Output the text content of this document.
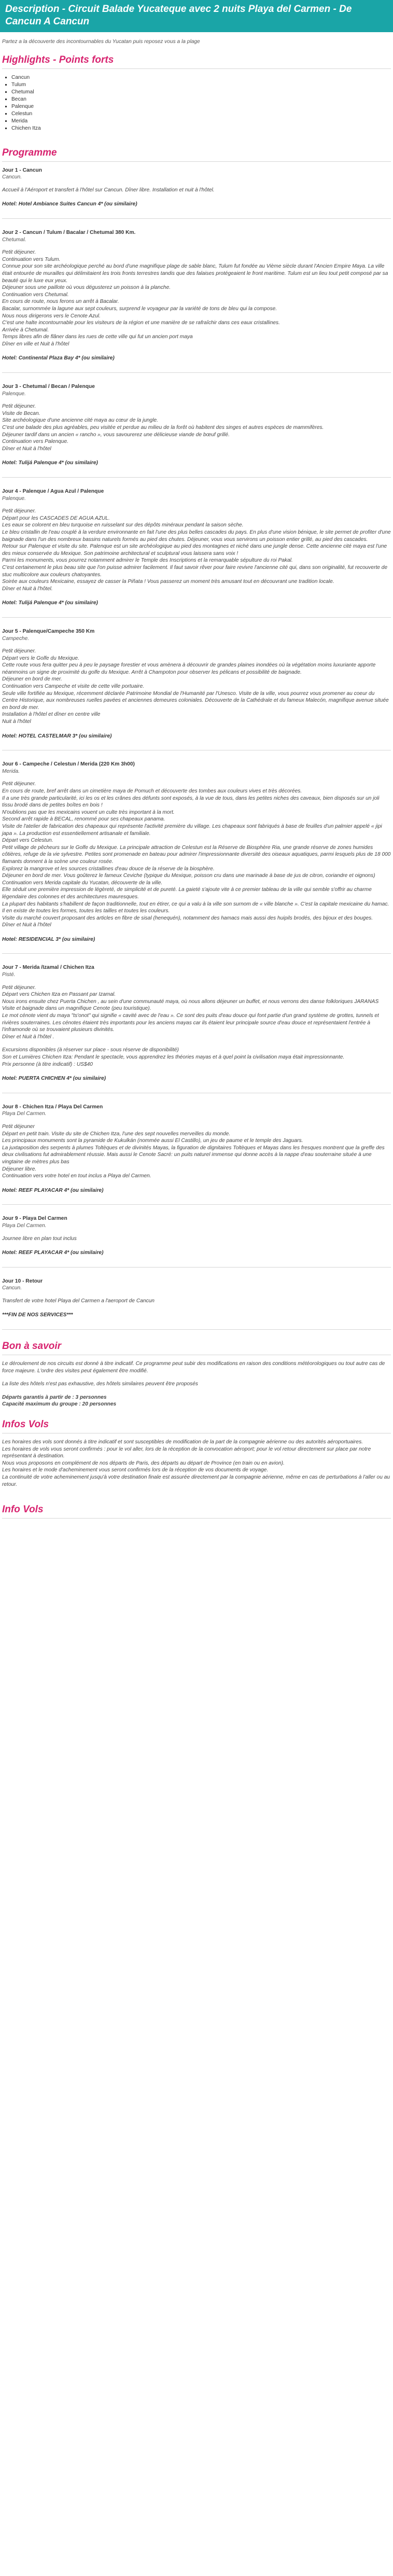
Description - Circuit Balade Yucateque avec 2 nuits Playa del Carmen - De Cancun A Cancun

Partez a la découverte des incontournables du Yucatan puis reposez vous a la plage

Highlights - Points forts
▪ Cancun
▪ Tulum
▪ Chetumal
▪ Becan
▪ Palenque
▪ Celestun
▪ Merida
▪ Chichen Itza
Programme

Jour 1 - Cancun

Cancun.

Accueil à l'Aéroport et transfert à l'hôtel sur Cancun. Dîner libre. Installation et nuit à l'hôtel.

Hotel: Hotel Ambiance Suites Cancun 4* (ou similaire)

Jour 2 - Cancun / Tulum / Bacalar / Chetumal 380 Km.

Chetumal.

Petit déjeuner.

Continuation vers Tulum.

Connue pour son site archéologique perché au bord d'une magnifique plage de sable blanc, Tulum fut fondée au Vième siècle durant l'Ancien Empire Maya. La ville était entourée de murailles qui délimitaient les trois fronts terrestres tandis que des falaises protégeaient le front maritime. Tulum est un lieu tout petit composé par sa beauté qui le luxe eux yeux.

Déjeuner sous une paillote où vous dégusterez un poisson à la planche.

Continuation vers Chetumal.

En cours de route, nous ferons un arrêt à Bacalar.

Bacalar, surnommée la lagune aux sept couleurs, surprend le voyageur par la variété de tons de bleu qui la compose.

Nous nous dirigerons vers le Cenote Azul.

C'est une halte incontournable pour les visiteurs de la région et une manière de se rafraîchir dans ces eaux cristallines.

Arrivée à Chetumal.

Temps libres afin de flâner dans les rues de cette ville qui fut un ancien port maya

Dîner en ville et Nuit à l'hôtel

Hotel: Continental Plaza Bay 4* (ou similaire)

Jour 3 - Chetumal / Becan / Palenque

Palenque.

Petit déjeuner.

Visite de Becan.

Site archéologique d'une ancienne cité maya au cœur de la jungle.

C'est une balade des plus agréables, peu visitée et perdue au milieu de la forêt où habitent des singes et autres espèces de mammifères.

Déjeuner tardif dans un ancien « rancho », vous savourerez une délicieuse viande de bœuf grillé.

Continuation vers Palenque.

Dîner et Nuit à l'hôtel

Hotel: Tulijá Palenque 4* (ou similaire)

Jour 4 - Palenque / Agua Azul / Palenque

Palenque.

Petit déjeuner.

Départ pour les CASCADES DE AGUA AZUL.

Les eaux se colorent en bleu turquoise en ruisselant sur des dépôts minéraux pendant la saison sèche.

Le bleu cristallin de l'eau couplé à la verdure environnante en fait l'une des plus belles cascades du pays. En plus d'une vision bénique, le site permet de profiter d'une baignade dans l'un des nombreux bassins naturels formés au pied des chutes. Déjeuner, vous vous servirons un poisson entier grillé, au pied des cascades.

Retour sur Palenque et visite du site. Palenque est un site archéologique au pied des montagnes et niché dans une jungle dense. Cette ancienne cité maya est l'une des mieux conservée du Mexique. Son patrimoine architectural et sculptural vous laissera sans voix !

Parmi les monuments, vous pourrez notamment admirer le Temple des Inscriptions et la remarquable sépulture du roi Pakal.

C'est certainement le plus beau site que l'on puisse admirer facilement. Il faut savoir rêver pour faire revivre l'ancienne cité qui, dans son originalité, fut recouverte de stuc multicolore aux couleurs chatoyantes.

Soirée aux couleurs Mexicaine, essayez de casser la Piñata ! Vous passerez un moment très amusant tout en découvrant une tradition locale.

Dîner et Nuit à l'hôtel.

Hotel: Tulijá Palenque 4* (ou similaire)

Jour 5 - Palenque/Campeche 350 Km

Campeche.

Petit déjeuner.

Départ vers le Golfe du Mexique.

Cette route vous fera quitter peu à peu le paysage forestier et vous amènera à découvrir de grandes plaines inondées où la végétation moins luxuriante apporte néanmoins un signe de proximité du golfe du Mexique. Arrêt à Champoton pour observer les pélicans et possibilité de baignade.

Déjeuner en bord de mer.

Continuation vers Campeche et visite de cette ville portuaire.

Seule ville fortifiée au Mexique, récemment déclarée Patrimoine Mondial de l'Humanité par l'Unesco. Visite de la ville, vous pourrez vous promener au coeur du Centre Historique, aux nombreuses ruelles pavées et anciennes demeures coloniales. Découverte de la Cathédrale et du fameux Malecón, magnifique avenue située en bord de mer.

Installation à l'hôtel et dîner en centre ville

Nuit à l'hôtel

Hotel: HOTEL CASTELMAR 3* (ou similaire)

Jour 6 - Campeche / Celestun / Merida (220 Km 3h00)

Merida.

Petit déjeuner.

En cours de route, bref arrêt dans un cimetière maya de Pomuch et découverte des tombes aux couleurs vives et très décorées.

Il a une très grande particularité, ici les os et les crânes des défunts sont exposés, à la vue de tous, dans les petites niches des caveaux, bien disposés sur un joli tissu brodé dans de petites boîtes en bois !

N'oublions pas que les mexicains vouent un culte très important à la mort.

Second arrêt rapide à BECAL, renommé pour ses chapeaux panama.

Visite de l'atelier de fabrication des chapeaux qui représente l'activité première du village. Les chapeaux sont fabriqués à base de feuilles d'un palmier appelé « jipi japa ». La production est essentiellement artisanale et familiale.

Départ vers Celestun.

Petit village de pêcheurs sur le Golfe du Mexique. La principale attraction de Celestun est la Réserve de Biosphère Ria, une grande réserve de zones humides côtières, refuge de la vie sylvestre. Petites sont promenade en bateau pour admirer l'impressionnante diversité des oiseaux aquatiques, parmi lesquels plus de 18 000 flamants donnent à la scène une couleur rosée.

Explorez la mangrove et les sources cristallines d'eau douce de la réserve de la biosphère.

Déjeuner en bord de mer. Vous goûterez le fameux Ceviche (typique du Mexique, poisson cru dans une marinade à base de jus de citron, coriandre et oignons)

Continuation vers Merida capitale du Yucatan, découverte de la ville.

Elle séduit une première impression de légèreté, de simplicité et de pureté. La gaieté s'ajoute vite à ce premier tableau de la ville qui semble s'offrir au charme légendaire des colonnes et des architectures mauresques.

La plupart des habitants s'habillent de façon traditionnelle, tout en étirer, ce qui a valu à la ville son surnom de « ville blanche ». C'est la capitale mexicaine du hamac. Il en existe de toutes les formes, toutes les tailles et toutes les couleurs.

Visite du marché couvert proposant des articles en fibre de sisal (henequén), notamment des hamacs mais aussi des huipils brodés, des bijoux et des bouges.

Dîner et Nuit à l'hôtel

Hotel: RESIDENCIAL 3* (ou similaire)

Jour 7 - Merida /Izamal / Chichen Itza

Pisté.

Petit déjeuner.

Départ vers Chichen Itza en Passant par Izamal.

Nous irons ensuite chez Puerta Chichen , au sein d'une communauté maya, où nous allons déjeuner un buffet, et nous verrons des danse folkloriques JARANAS

Visite et baignade dans un magnifique Cenote (peu touristique).

Le mot cénote vient du maya "ts'onot" qui signifie « cavité avec de l'eau ». Ce sont des puits d'eau douce qui font partie d'un grand système de grottes, tunnels et rivières souterraines. Les cénotes étaient très importants pour les anciens mayas car ils étaient leur principale source d'eau douce et représentaient l'entrée à l'inframonde où se trouvaient plusieurs divinités.

Dîner et Nuit à l'hôtel .

Excursions disponibles (à réserver sur place - sous réserve de disponibilité)

Son et Lumières Chichen Itza: Pendant le spectacle, vous apprendrez les théories mayas et à quel point la civilisation maya était impressionnante.

Prix personne (à titre indicatif) : US$40

Hotel: PUERTA CHICHEN 4* (ou similaire)

Jour 8 - Chichen Itza / Playa Del Carmen

Playa Del Carmen.

Petit déjeuner

Départ en petit train. Visite du site de Chichen Itza, l'une des sept nouvelles merveilles du monde.

Les principaux monuments sont la pyramide de Kukulkán (nommée aussi El Castillo), un jeu de paume et le temple des Jaguars.

La juxtaposition des serpents à plumes Toltèques et de divinités Mayas, la figuration de dignitaires Toltèques et Mayas dans les fresques montrent que la greffe des deux civilisations fut admirablement réussie. Mais aussi le Cenote Sacré: un puits naturel immense qui donne accès à la nappe d'eau souterraine située à une vingtaine de mètres plus bas

Déjeuner libre.

Continuation vers votre hotel en tout inclus a Playa del Carmen.

Hotel: REEF PLAYACAR 4* (ou similaire)

Jour 9 - Playa Del Carmen

Playa Del Carmen.

Journee libre en plan tout inclus

Hotel: REEF PLAYACAR 4* (ou similaire)

Jour 10 - Retour

Cancun.

Transfert de votre hotel Playa del Carmen a l'aeroport de Cancun

***FIN DE NOS SERVICES***

Bon à savoir

Le déroulement de nos circuits est donné à titre indicatif. Ce programme peut subir des modifications en raison des conditions météorologiques ou tout autre cas de force majeure. L'ordre des visites peut également être modifié.

La liste des hôtels n'est pas exhaustive, des hôtels similaires peuvent être proposés

Départs garantis à partir de : 3 personnes

Capacité maximum du groupe : 20 personnes

Infos Vols

Les horaires des vols sont donnés à titre indicatif et sont susceptibles de modification de la part de la compagnie aérienne ou des autorités aéroportuaires.

Les horaires de vols vous seront confirmés : pour le vol aller, lors de la réception de la convocation aéroport; pour le vol retour directement sur place par notre représentant à destination.

Nous vous proposons en complément de nos départs de Paris, des départs au départ de Province (en train ou en avion).

Les horaires et le mode d'acheminement vous seront confirmés lors de la réception de vos documents de voyage.

La continuité de votre acheminement jusqu'à votre destination finale est assurée directement par la compagnie aérienne, même en cas de perturbations à l'aller ou au retour.

Info Vols
